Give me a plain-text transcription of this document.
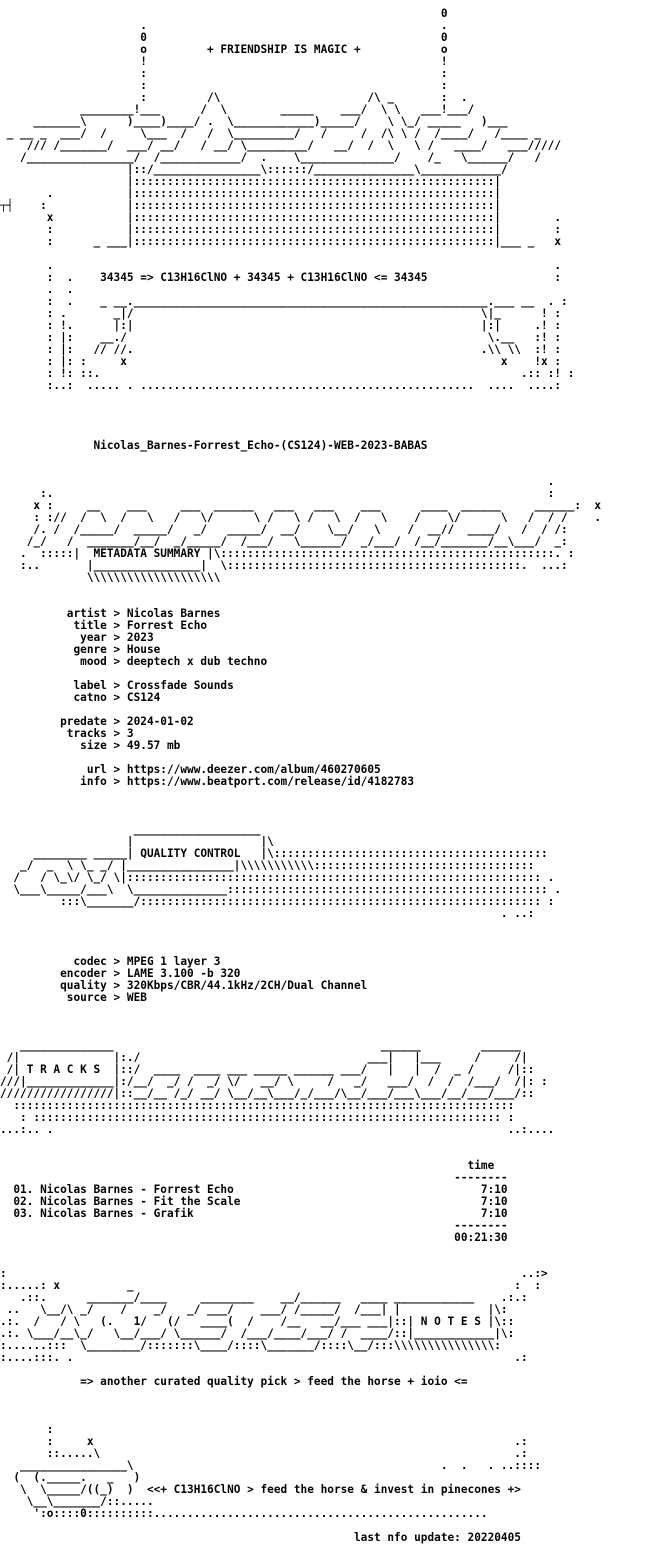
0
.                                            .
0                                            0
o         + FRIENDSHIP IS MAGIC +            o
!                                            !
:                                            :
:                                            :
:         /\                      /\ _       :  .
________!___      /  \        _____    ___/  \ \   ___!___/
_______\      )____)____/ .  \____________)_____/    \ \_/ _____   )___
_ __ _  ___/  /     \___  /   /  \_________/   /     /  /\ \ /  /____/   /____ _
/// /_______/  ___/ __/   / __/ \_________/   __/  /  \   \ /   ____/   ___/////
/________________/  /____________/  .    \______________/    /_   \______/   /
|::/________________\::::::/_______________\____________/
|::::::::::::::::::::::::::::::::::::::::::::::::::::::|
.           |::::::::::::::::::::::::::::::::::::::::::::::::::::::|
┬┤    :            |::::::::::::::::::::::::::::::::::::::::::::::::::::::|
x           |::::::::::::::::::::::::::::::::::::::::::::::::::::::|        .
:           |::::::::::::::::::::::::::::::::::::::::::::::::::::::|        :
:      _ ___|::::::::::::::::::::::::::::::::::::::::::::::::::::::|___ _   x
.                                                                           .
:  .    34345 => C13H16ClNO + 34345 + C13H16ClNO <= 34345                   :
.  .
:  .    _ __._____________________________________________________.___ __  . :
: .       _|/                                                    \|_      ! :
: !.      |:|                                                    |:|     .! :
: |:    __./                                                      \.__   :! :
: |:   // //.                                                    .\\ \\  :! :
: |: :     x                                                        x    !x :
: !: ::.                                                               .:: :! :
:..:  ..... . ..................................................  ....  ....:
Nicolas_Barnes-Forrest_Echo-(CS124)-WEB-2023-BABAS
.
:.                                                                          :
x :     __    ___     ___  ______   ___   ___    ___      ____  ______     ______:  x
: ://  /  \  /   \   /   \/      \ /   \ /   \  /   \    /    \/      \   /  / /    .
/. /  /_____/  _____/   _/   _____/  __/    \__/   \    /  __//  ____/   /  / /:
/_/   /  _______/__/  _/_____/  /___/   \______/  _/___/  /__/_______/__\___/  _:
.  :::::|  METADATA SUMMARY |\::::::::::::::::::::::::::::::::::::::::::::::::::. :
:..       |________________|  \::::::::::::::::::::::::::::::::::::::::::::.  ...:
\\\\\\\\\\\\\\\\\\\\
artist > Nicolas Barnes
title > Forrest Echo
year > 2023
genre > House
mood > deeptech x dub techno
label > Crossfade Sounds
catno > CS124
predate > 2024-01-02
tracks > 3
size > 49.57 mb
url > https://www.deezer.com/album/460270605
info > https://www.beatport.com/release/id/4182783
___________________
|                   |\
________ _____| QUALITY CONTROL   |\:::::::::::::::::::::::::::::::::::::::::
_/  _  \ \_ _/ |________________|\\\\\\\\\\\:::::::::::::::::::::::::::::::::
/   / \_\/ \_/ \|:::::::::::::::::::::::::::::::::::::::::::::::::::::::::::::: .
\___\_____/___\  \______________:::::::::::::::::::::::::::::::::::::::::::::::: .
:::\_______/:::::::::::::::::::::::::::::::::::::::::::::::::::::::::::: :
. ..:
codec > MPEG 1 layer 3
encoder > LAME 3.100 -b 320
quality > 320Kbps/CBR/44.1kHz/2CH/Dual Channel
source > WEB
______________                                        ______         ______
/|              |:./                                  ___|   |___     /     /|
/| T R A C K S  |::/  ____  ____ ___ _____ ______ ___/   |   |  /  _ /     /|::
///|_____________|:/__/  _/ /  _/ \/   __/ \     /   _/   ___/  /  /  /___/  /|: :
/////////////////|::__/__ /_/ __/ \__/__\___/_/___/\__/___/___\___/__/___/___/::
:::::::::::::::::::::::::::::::::::::::::::::::::::::::::::::::::::::::::::
: :::::::::::::::::::::::::::::::::::::::::::::::::::::::::::::::::::::: :
...:.. .                                                                    ..:....
time
--------
01. Nicolas Barnes - Forrest Echo                                     7:10
02. Nicolas Barnes - Fit the Scale                                    7:10
03. Nicolas Barnes - Grafik                                           7:10
--------
00:21:30
:                                                                             ..:>
:.....: x          _                                                         :  :
.::.      _______/____     ________    __/______   ____ ____________    .:.:
..   \__/\ _/    /    _/   _/ ___/    ___/ /_____/  /___| |             |\:
.:.  /   / \   (.   1/   (/   ____(  /    /__   __/___ ___|::| N O T E S |\::
.:. \___/__\_/   \__/___/ \______/  /___/____/___/ /  ____/::|____________|\:
:......:::  \________/:::::::\____/::::\_______/::::\__/:::\\\\\\\\\\\\\\\:
:....:::. .                                                                  .:
=> another curated quality pick > feed the horse + ioio <=
:
:     x                                                               .:
::.....\                                                              .:
________________\                                              .  .   . ..::::
(  (._____.   _   )
\  \_____/((_)  )  <<+ C13H16ClNO > feed the horse & invest in pinecones +>
\__\_______/::.....
':o::::0::::::::::..................................................
last nfo update: 20220405
